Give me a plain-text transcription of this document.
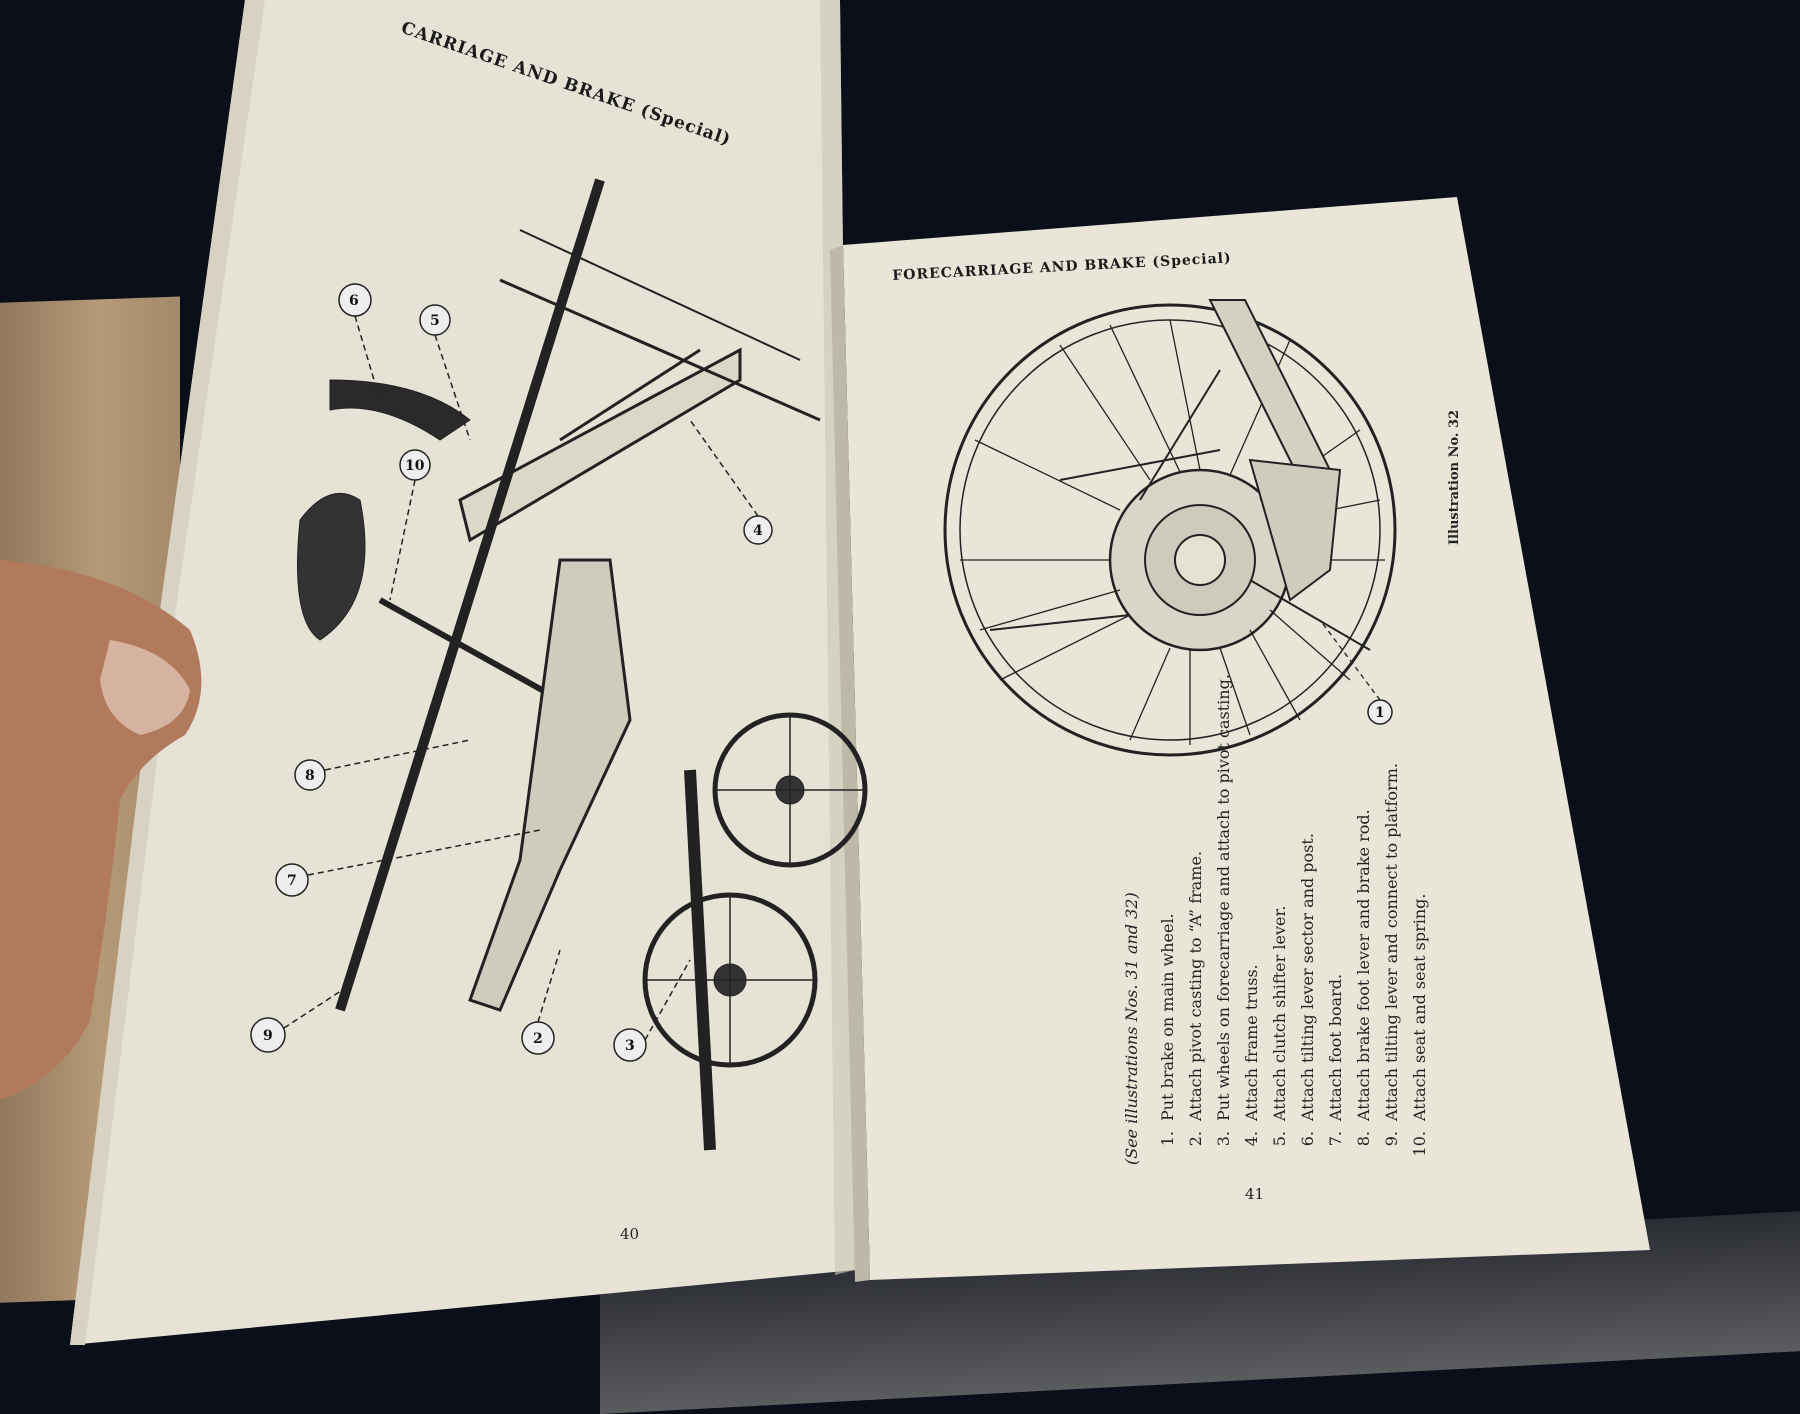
6
5
10
4
8
7
9	2	3
1
CARRIAGE AND BRAKE (Special)
FORECARRIAGE AND BRAKE (Special)
Illustration No. 32
(See illustrations Nos. 31 and 32)	1.Put brake on main wheel.
2.Attach pivot casting to “A” frame.
3.Put wheels on forecarriage and attach to pivot casting.
4.Attach frame truss.
5.Attach clutch shifter lever.
6.Attach tilting lever sector and post.
7.Attach foot board.
8.Attach brake foot lever and brake rod.
9.Attach tilting lever and connect to platform.
10.Attach seat and seat spring.
40
41
